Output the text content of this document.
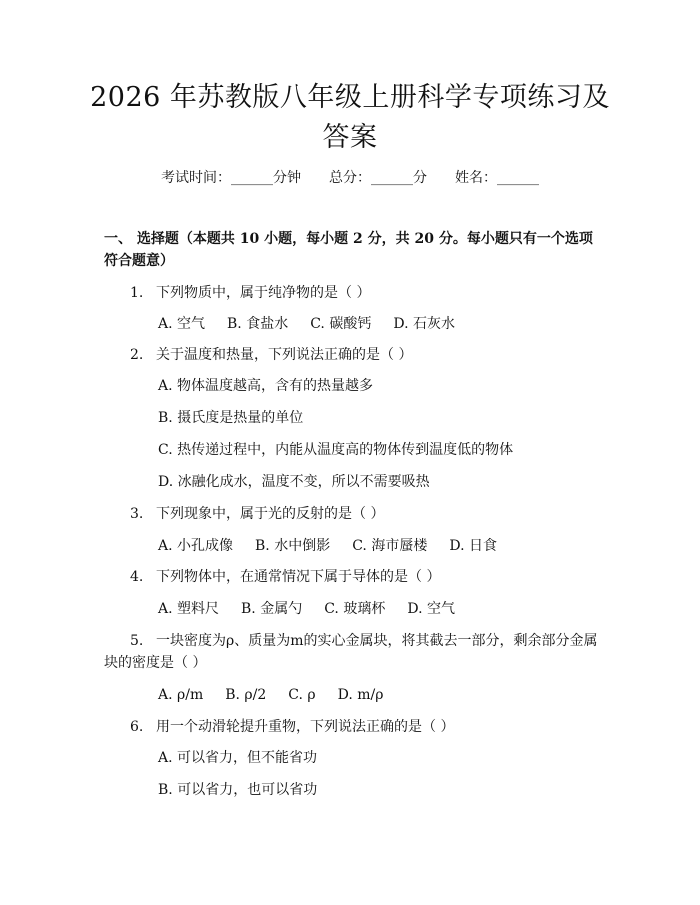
2026 年苏教版八年级上册科学专项练习及答案
考试时间：______分钟 总分：______分 姓名：______
一、 选择题（本题共 10 小题，每小题 2 分，共 20 分。每小题只有一个选项符合题意）
1. 下列物质中，属于纯净物的是（ ）
A. 空气 B. 食盐水 C. 碳酸钙 D. 石灰水
2. 关于温度和热量，下列说法正确的是（ ）
A. 物体温度越高，含有的热量越多
B. 摄氏度是热量的单位
C. 热传递过程中，内能从温度高的物体传到温度低的物体
D. 冰融化成水，温度不变，所以不需要吸热
3. 下列现象中，属于光的反射的是（ ）
A. 小孔成像 B. 水中倒影 C. 海市蜃楼 D. 日食
4. 下列物体中，在通常情况下属于导体的是（ ）
A. 塑料尺 B. 金属勺 C. 玻璃杯 D. 空气
5. 一块密度为ρ、质量为m的实心金属块，将其截去一部分，剩余部分金属块的密度是（ ）
A. ρ/m B. ρ/2 C. ρ D. m/ρ
6. 用一个动滑轮提升重物，下列说法正确的是（ ）
A. 可以省力，但不能省功
B. 可以省力，也可以省功
